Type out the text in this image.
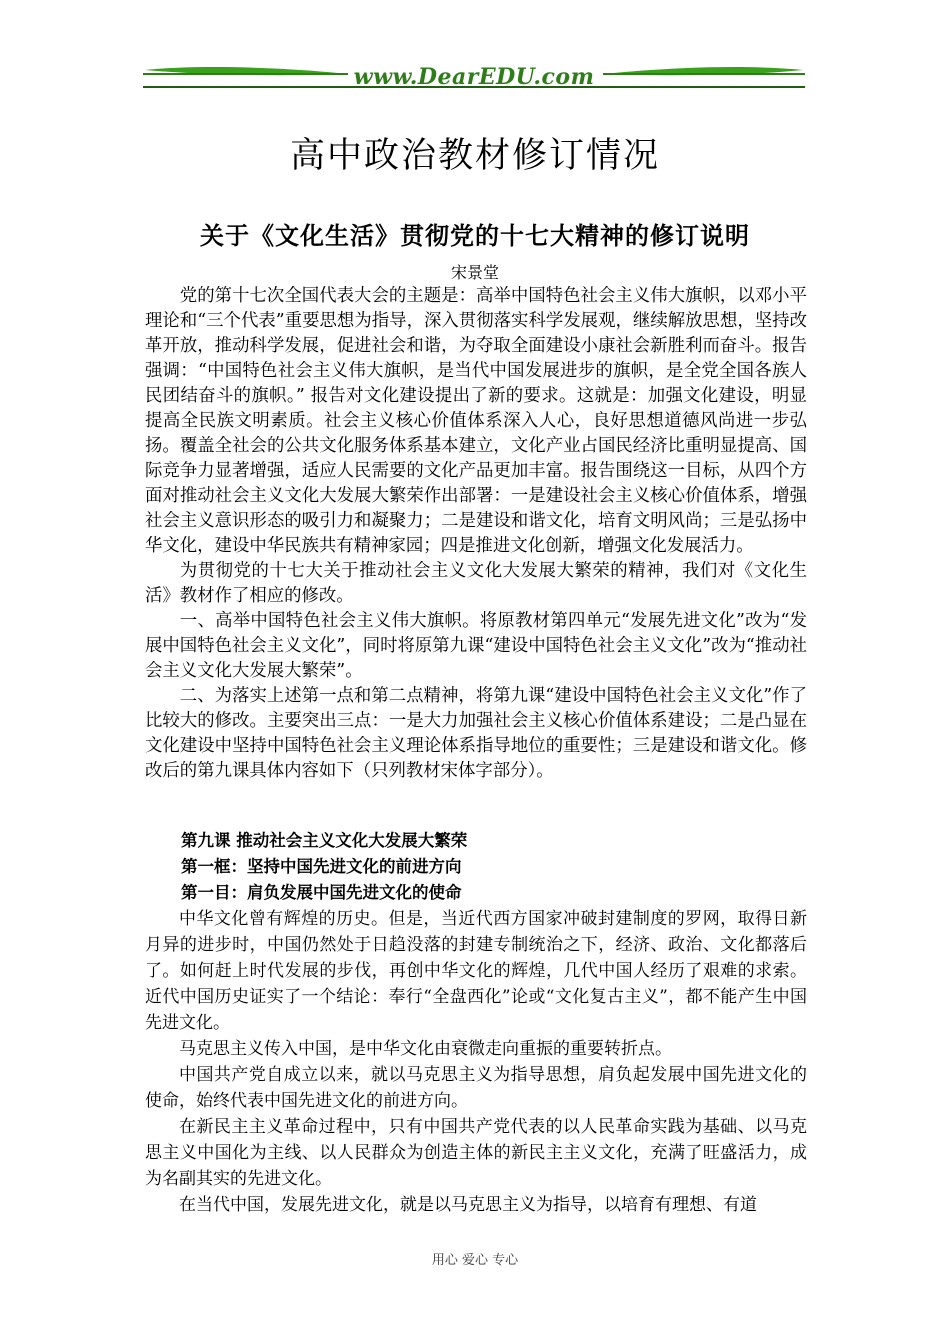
www.DearEDU.com
高中政治教材修订情况
关于《文化生活》贯彻党的十七大精神的修订说明
宋景堂

党的第十七次全国代表大会的主题是：高举中国特色社会主义伟大旗帜，以邓小平理论和“三个代表”重要思想为指导，深入贯彻落实科学发展观，继续解放思想，坚持改革开放，推动科学发展，促进社会和谐，为夺取全面建设小康社会新胜利而奋斗。报告强调：“中国特色社会主义伟大旗帜，是当代中国发展进步的旗帜，是全党全国各族人民团结奋斗的旗帜。” 报告对文化建设提出了新的要求。这就是：加强文化建设，明显提高全民族文明素质。社会主义核心价值体系深入人心，良好思想道德风尚进一步弘扬。覆盖全社会的公共文化服务体系基本建立，文化产业占国民经济比重明显提高、国际竞争力显著增强，适应人民需要的文化产品更加丰富。报告围绕这一目标，从四个方面对推动社会主义文化大发展大繁荣作出部署：一是建设社会主义核心价值体系，增强社会主义意识形态的吸引力和凝聚力；二是建设和谐文化，培育文明风尚；三是弘扬中华文化，建设中华民族共有精神家园；四是推进文化创新，增强文化发展活力。

为贯彻党的十七大关于推动社会主义文化大发展大繁荣的精神，我们对《文化生活》教材作了相应的修改。

一、高举中国特色社会主义伟大旗帜。将原教材第四单元“发展先进文化”改为“发展中国特色社会主义文化”，同时将原第九课“建设中国特色社会主义文化”改为“推动社会主义文化大发展大繁荣”。

二、为落实上述第一点和第二点精神，将第九课“建设中国特色社会主义文化”作了比较大的修改。主要突出三点：一是大力加强社会主义核心价值体系建设；二是凸显在文化建设中坚持中国特色社会主义理论体系指导地位的重要性；三是建设和谐文化。修改后的第九课具体内容如下（只列教材宋体字部分）。

第九课 推动社会主义文化大发展大繁荣
第一框：坚持中国先进文化的前进方向
第一目：肩负发展中国先进文化的使命

中华文化曾有辉煌的历史。但是，当近代西方国家冲破封建制度的罗网，取得日新月异的进步时，中国仍然处于日趋没落的封建专制统治之下，经济、政治、文化都落后了。如何赶上时代发展的步伐，再创中华文化的辉煌，几代中国人经历了艰难的求索。近代中国历史证实了一个结论：奉行“全盘西化”论或“文化复古主义”，都不能产生中国先进文化。

马克思主义传入中国，是中华文化由衰微走向重振的重要转折点。

中国共产党自成立以来，就以马克思主义为指导思想，肩负起发展中国先进文化的使命，始终代表中国先进文化的前进方向。

在新民主主义革命过程中，只有中国共产党代表的以人民革命实践为基础、以马克思主义中国化为主线、以人民群众为创造主体的新民主主义文化，充满了旺盛活力，成为名副其实的先进文化。

在当代中国，发展先进文化，就是以马克思主义为指导，以培育有理想、有道

用心 爱心 专心
